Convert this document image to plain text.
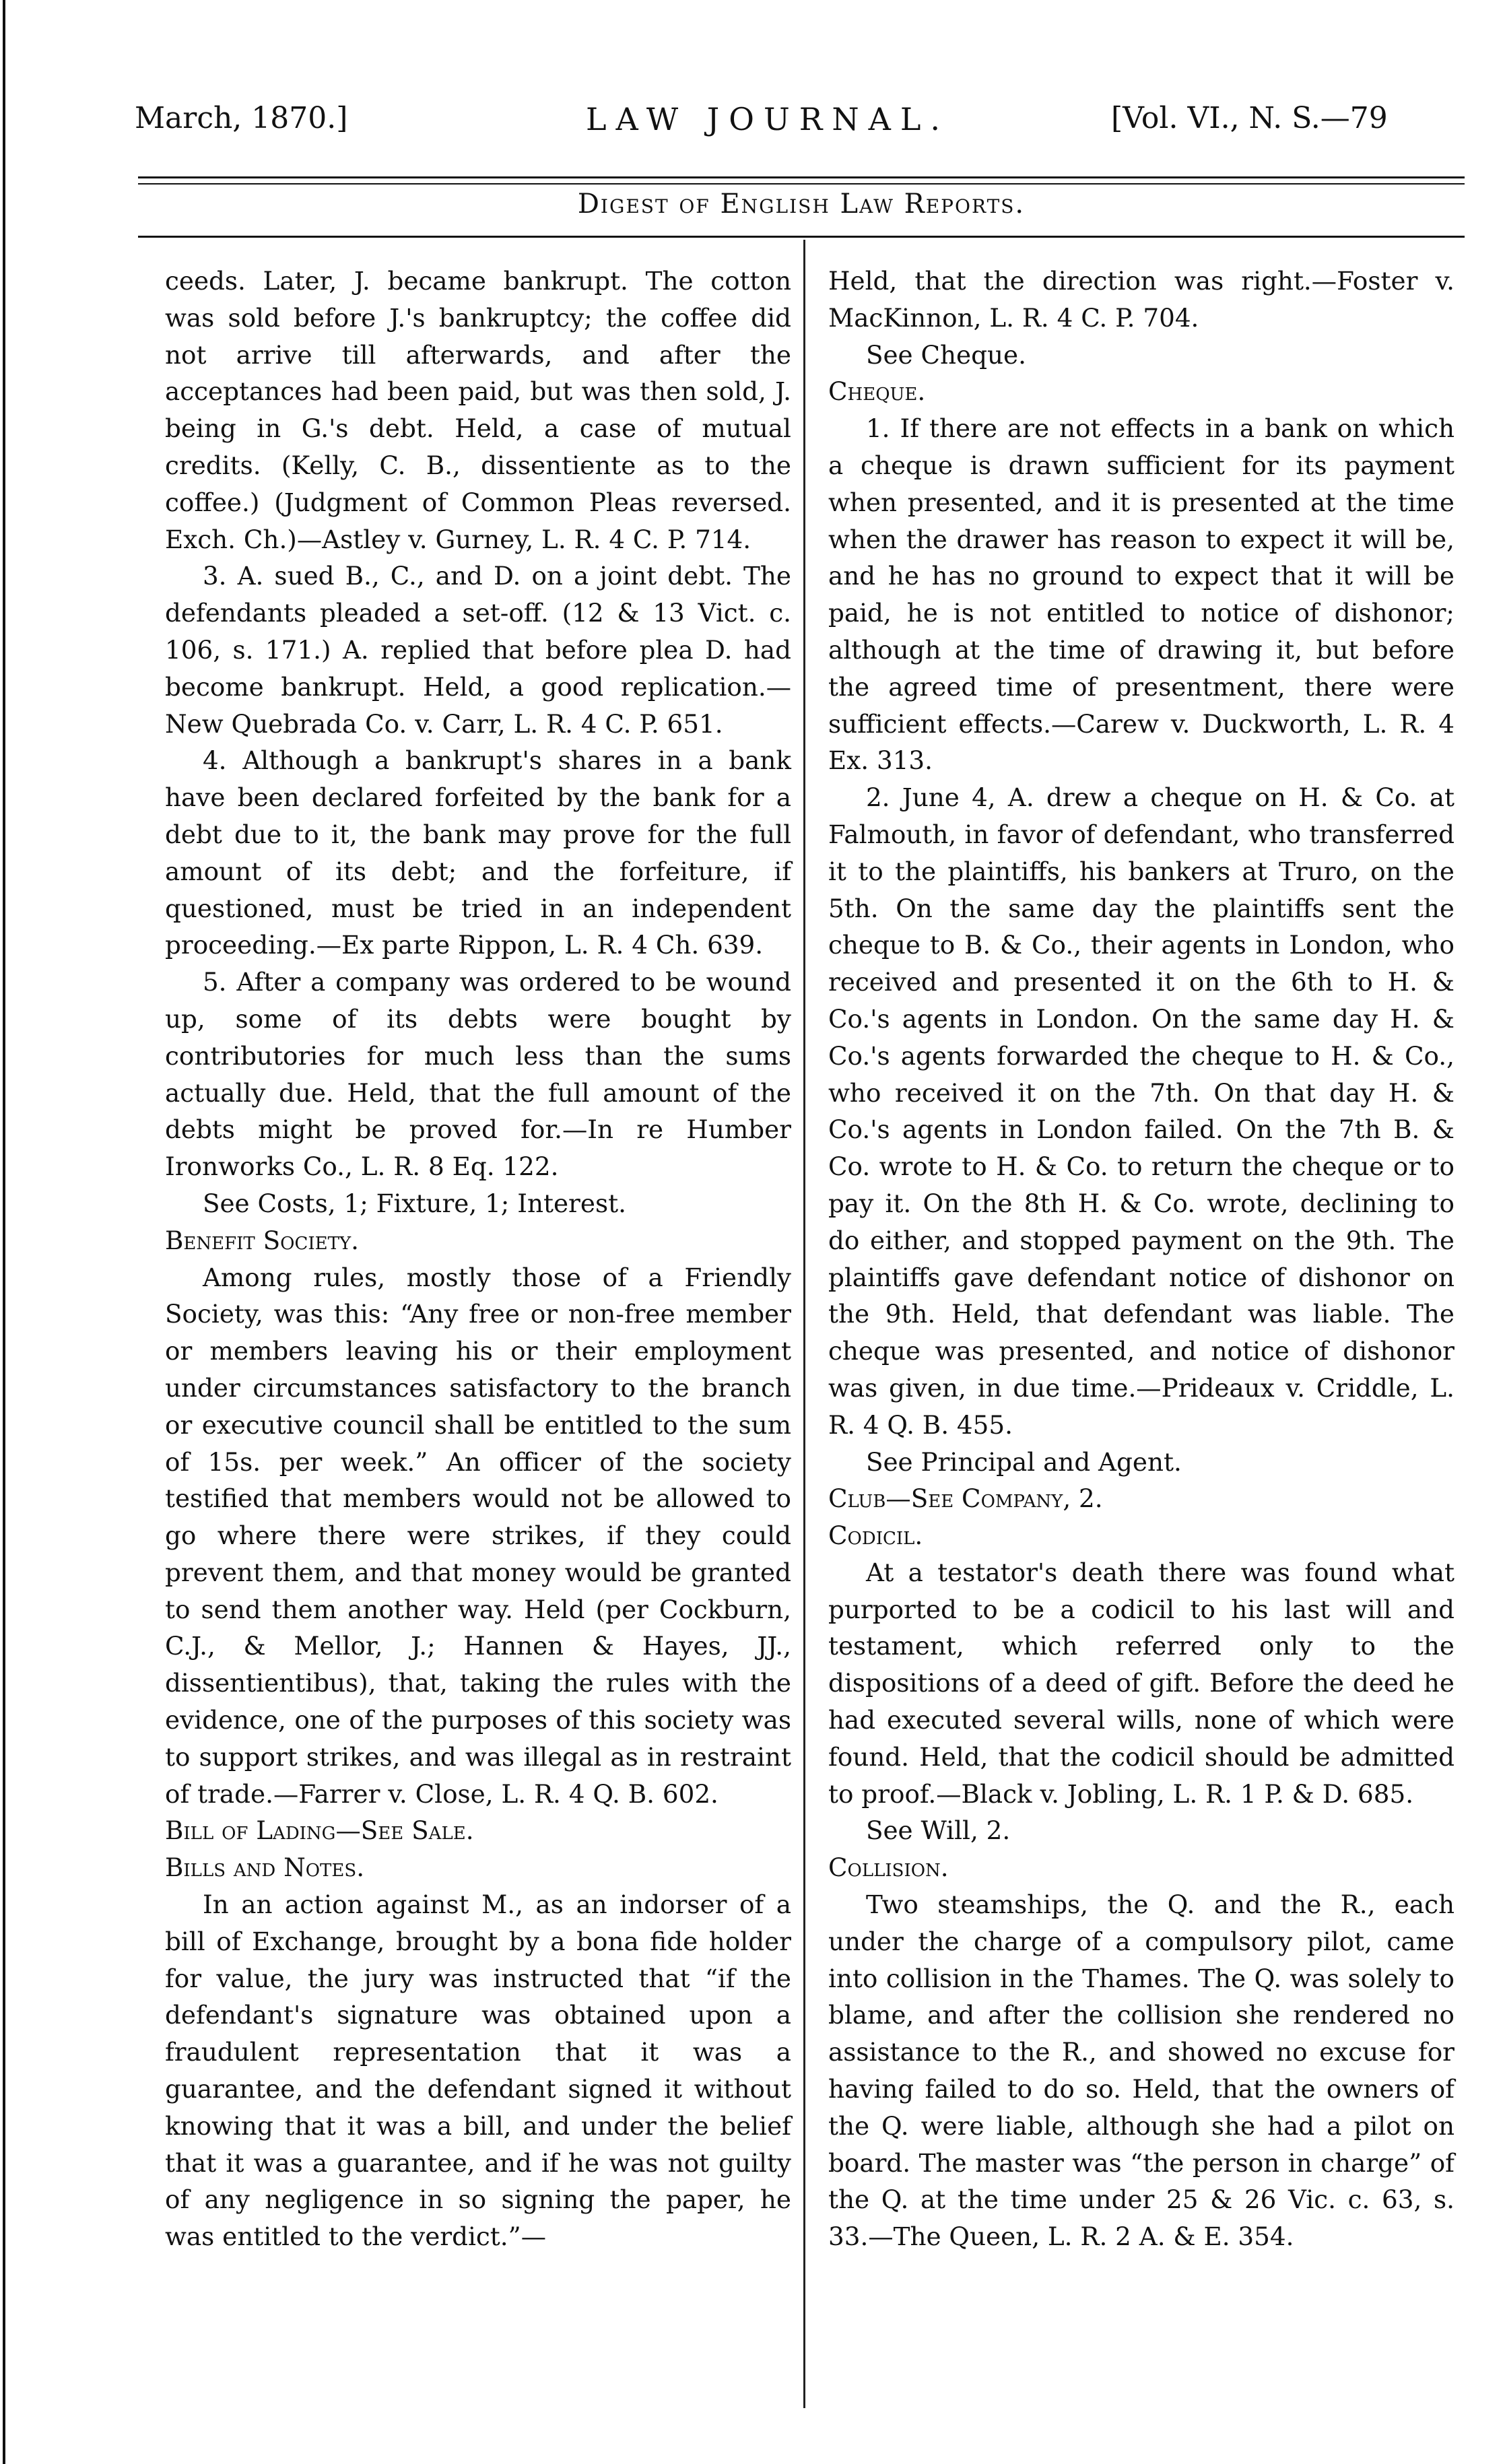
March, 1870.]	LAW JOURNAL.	[Vol. VI., N. S.—79
Digest of English Law Reports.

ceeds. Later, J. became bankrupt. The cotton was sold before J.'s bankruptcy; the coffee did not arrive till afterwards, and after the acceptances had been paid, but was then sold, J. being in G.'s debt. Held, a case of mutual credits. (Kelly, C. B., dissentiente as to the coffee.) (Judgment of Common Pleas reversed. Exch. Ch.)—Astley v. Gurney, L. R. 4 C. P. 714.

3. A. sued B., C., and D. on a joint debt. The defendants pleaded a set-off. (12 & 13 Vict. c. 106, s. 171.) A. replied that before plea D. had become bankrupt. Held, a good replication.—New Quebrada Co. v. Carr, L. R. 4 C. P. 651.

4. Although a bankrupt's shares in a bank have been declared forfeited by the bank for a debt due to it, the bank may prove for the full amount of its debt; and the forfeiture, if questioned, must be tried in an independent proceeding.—Ex parte Rippon, L. R. 4 Ch. 639.

5. After a company was ordered to be wound up, some of its debts were bought by contributories for much less than the sums actually due. Held, that the full amount of the debts might be proved for.—In re Humber Ironworks Co., L. R. 8 Eq. 122.

See Costs, 1; Fixture, 1; Interest.

Benefit Society.

Among rules, mostly those of a Friendly Society, was this: “Any free or non-free member or members leaving his or their employment under circumstances satisfactory to the branch or executive council shall be entitled to the sum of 15s. per week.” An officer of the society testified that members would not be allowed to go where there were strikes, if they could prevent them, and that money would be granted to send them another way. Held (per Cockburn, C.J., & Mellor, J.; Hannen & Hayes, JJ., dissentientibus), that, taking the rules with the evidence, one of the purposes of this society was to support strikes, and was illegal as in restraint of trade.—Farrer v. Close, L. R. 4 Q. B. 602.

Bill of Lading—See Sale.

Bills and Notes.

In an action against M., as an indorser of a bill of Exchange, brought by a bona fide holder for value, the jury was instructed that “if the defendant's signature was obtained upon a fraudulent representation that it was a guarantee, and the defendant signed it without knowing that it was a bill, and under the belief that it was a guarantee, and if he was not guilty of any negligence in so signing the paper, he was entitled to the verdict.”—

Held, that the direction was right.—Foster v. MacKinnon, L. R. 4 C. P. 704.

See Cheque.

Cheque.

1. If there are not effects in a bank on which a cheque is drawn sufficient for its payment when presented, and it is presented at the time when the drawer has reason to expect it will be, and he has no ground to expect that it will be paid, he is not entitled to notice of dishonor; although at the time of drawing it, but before the agreed time of presentment, there were sufficient effects.—Carew v. Duckworth, L. R. 4 Ex. 313.

2. June 4, A. drew a cheque on H. & Co. at Falmouth, in favor of defendant, who transferred it to the plaintiffs, his bankers at Truro, on the 5th. On the same day the plaintiffs sent the cheque to B. & Co., their agents in London, who received and presented it on the 6th to H. & Co.'s agents in London. On the same day H. & Co.'s agents forwarded the cheque to H. & Co., who received it on the 7th. On that day H. & Co.'s agents in London failed. On the 7th B. & Co. wrote to H. & Co. to return the cheque or to pay it. On the 8th H. & Co. wrote, declining to do either, and stopped payment on the 9th. The plaintiffs gave defendant notice of dishonor on the 9th. Held, that defendant was liable. The cheque was presented, and notice of dishonor was given, in due time.—Prideaux v. Criddle, L. R. 4 Q. B. 455.

See Principal and Agent.

Club—See Company, 2.

Codicil.

At a testator's death there was found what purported to be a codicil to his last will and testament, which referred only to the dispositions of a deed of gift. Before the deed he had executed several wills, none of which were found. Held, that the codicil should be admitted to proof.—Black v. Jobling, L. R. 1 P. & D. 685.

See Will, 2.

Collision.

Two steamships, the Q. and the R., each under the charge of a compulsory pilot, came into collision in the Thames. The Q. was solely to blame, and after the collision she rendered no assistance to the R., and showed no excuse for having failed to do so. Held, that the owners of the Q. were liable, although she had a pilot on board. The master was “the person in charge” of the Q. at the time under 25 & 26 Vic. c. 63, s. 33.—The Queen, L. R. 2 A. & E. 354.
